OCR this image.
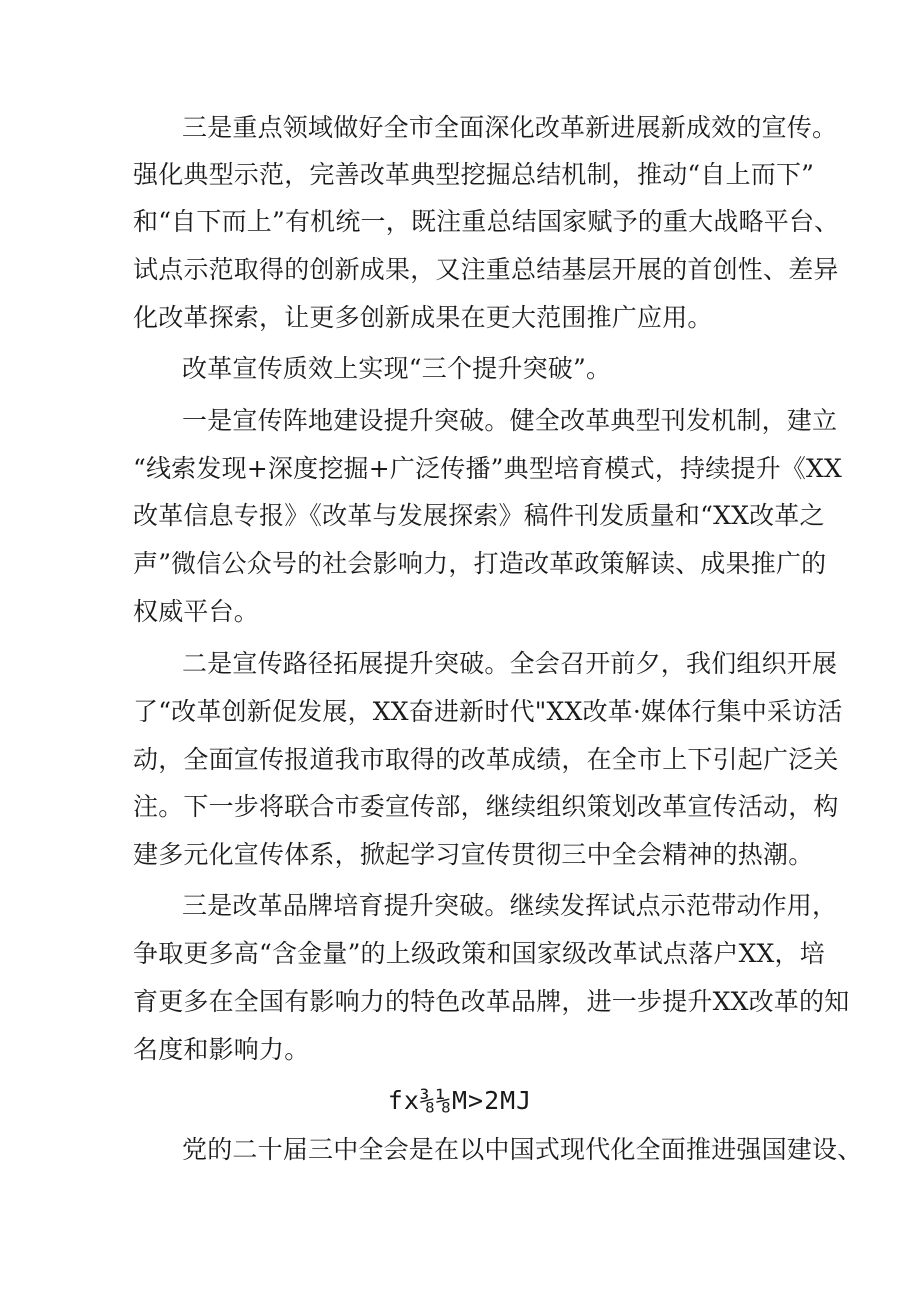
三是重点领域做好全市全面深化改革新进展新成效的宣传。
强化典型示范，完善改革典型挖掘总结机制，推动“自上而下”
和“自下而上”有机统一，既注重总结国家赋予的重大战略平台、
试点示范取得的创新成果，又注重总结基层开展的首创性、差异
化改革探索，让更多创新成果在更大范围推广应用。
改革宣传质效上实现“三个提升突破”。
一是宣传阵地建设提升突破。健全改革典型刊发机制，建立
“线索发现+深度挖掘+广泛传播”典型培育模式，持续提升《XX
改革信息专报》《改革与发展探索》稿件刊发质量和“XX改革之
声”微信公众号的社会影响力，打造改革政策解读、成果推广的
权威平台。
二是宣传路径拓展提升突破。全会召开前夕，我们组织开展
了“改革创新促发展，XX奋进新时代"XX改革·媒体行集中采访活
动，全面宣传报道我市取得的改革成绩，在全市上下引起广泛关
注。下一步将联合市委宣传部，继续组织策划改革宣传活动，构
建多元化宣传体系，掀起学习宣传贯彻三中全会精神的热潮。
三是改革品牌培育提升突破。继续发挥试点示范带动作用，
争取更多高“含金量”的上级政策和国家级改革试点落户XX，培
育更多在全国有影响力的特色改革品牌，进一步提升XX改革的知
名度和影响力。
fx⅜⅛M>2MJ
党的二十届三中全会是在以中国式现代化全面推进强国建设、
